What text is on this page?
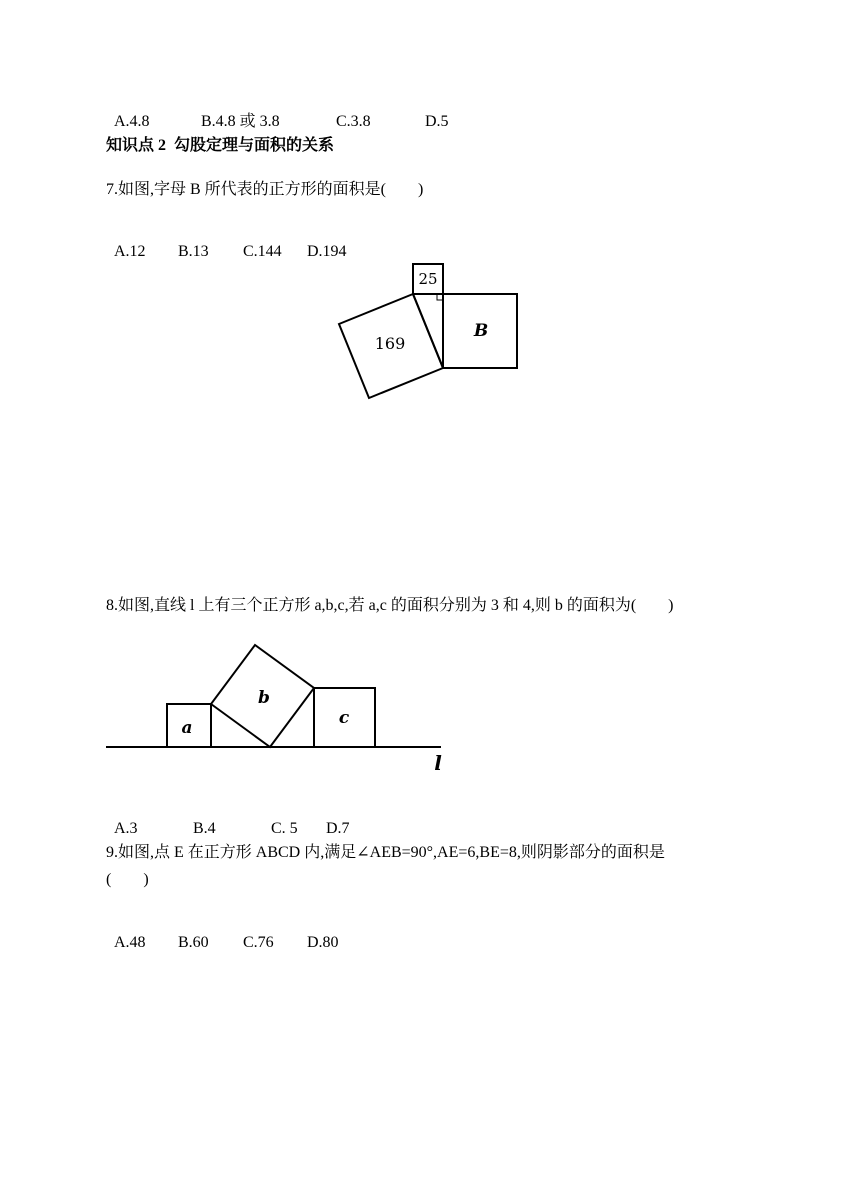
A.4.8	B.4.8 或 3.8	C.3.8	D.5

知识点 2  勾股定理与面积的关系
7.如图,字母 B 所代表的正方形的面积是(　　)

A.12 B.13 C.144 D.194

25
169
B
8.如图,直线 l 上有三个正方形 a,b,c,若 a,c 的面积分别为 3 和 4,则 b 的面积为(　　)
a
b
c
l

A.3	B.4	C. 5 D.7

9.如图,点 E 在正方形 ABCD 内,满足∠AEB=90°,AE=6,BE=8,则阴影部分的面积是
(　　)

A.48 B.60 C.76 D.80
